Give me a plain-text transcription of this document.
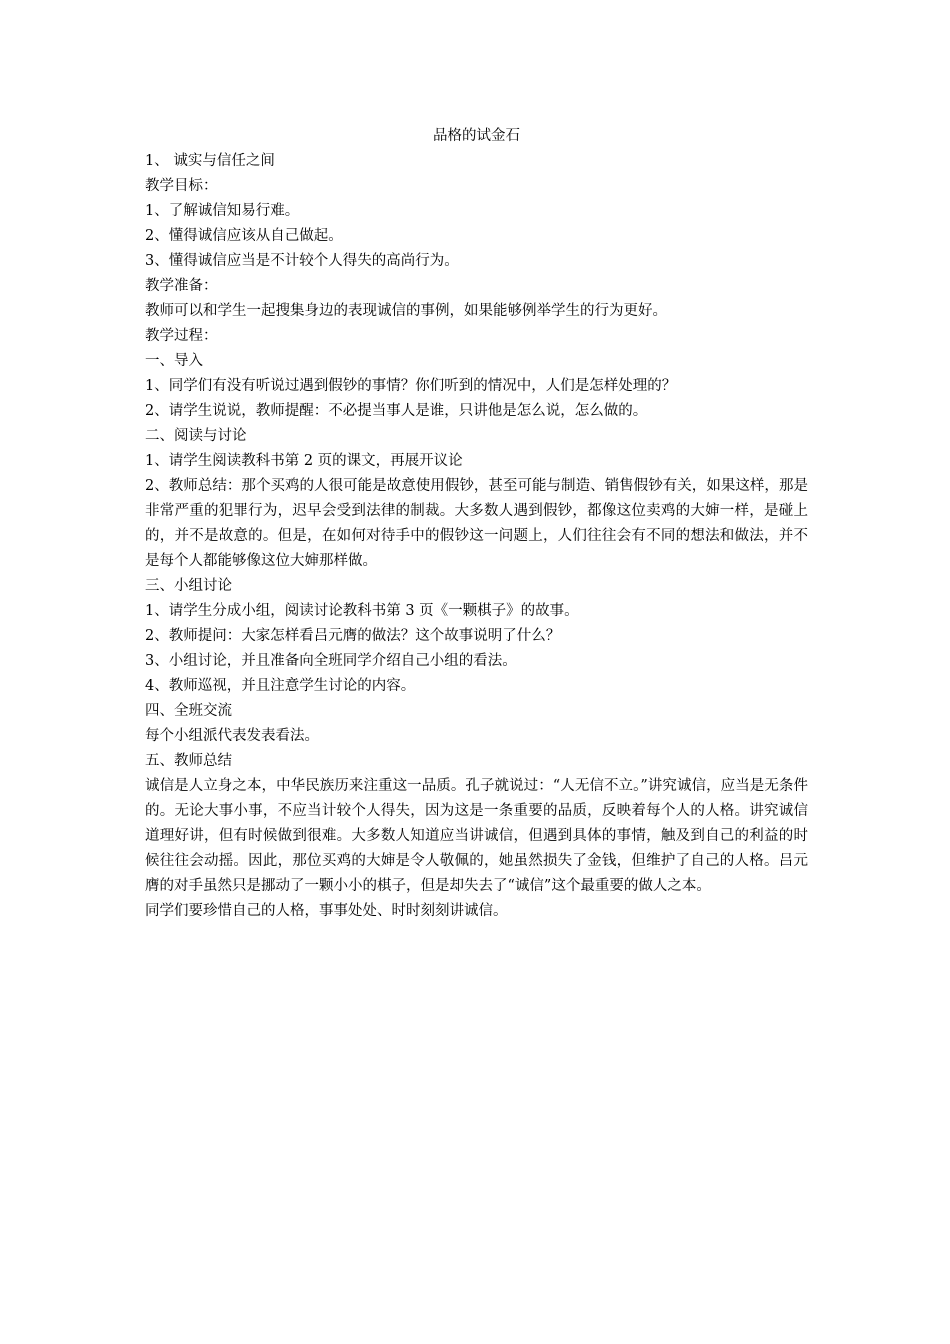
品格的试金石

1、 诚实与信任之间

教学目标：

1、了解诚信知易行难。

2、懂得诚信应该从自己做起。

3、懂得诚信应当是不计较个人得失的高尚行为。

教学准备：

教师可以和学生一起搜集身边的表现诚信的事例，如果能够例举学生的行为更好。

教学过程：

一、导入

1、同学们有没有听说过遇到假钞的事情？你们听到的情况中，人们是怎样处理的？

2、请学生说说，教师提醒：不必提当事人是谁，只讲他是怎么说，怎么做的。

二、阅读与讨论

1、请学生阅读教科书第 2 页的课文，再展开议论

2、教师总结：那个买鸡的人很可能是故意使用假钞，甚至可能与制造、销售假钞有关，如果这样，那是非常严重的犯罪行为，迟早会受到法律的制裁。大多数人遇到假钞，都像这位卖鸡的大婶一样，是碰上的，并不是故意的。但是，在如何对待手中的假钞这一问题上，人们往往会有不同的想法和做法，并不是每个人都能够像这位大婶那样做。

三、小组讨论

1、请学生分成小组，阅读讨论教科书第 3 页《一颗棋子》的故事。

2、教师提问：大家怎样看吕元膺的做法？这个故事说明了什么？

3、小组讨论，并且准备向全班同学介绍自己小组的看法。

4、教师巡视，并且注意学生讨论的内容。

四、全班交流

每个小组派代表发表看法。

五、教师总结

诚信是人立身之本，中华民族历来注重这一品质。孔子就说过：“人无信不立。”讲究诚信，应当是无条件的。无论大事小事，不应当计较个人得失，因为这是一条重要的品质，反映着每个人的人格。讲究诚信道理好讲，但有时候做到很难。大多数人知道应当讲诚信，但遇到具体的事情，触及到自己的利益的时候往往会动摇。因此，那位买鸡的大婶是令人敬佩的，她虽然损失了金钱，但维护了自己的人格。吕元膺的对手虽然只是挪动了一颗小小的棋子，但是却失去了“诚信”这个最重要的做人之本。

同学们要珍惜自己的人格，事事处处、时时刻刻讲诚信。
